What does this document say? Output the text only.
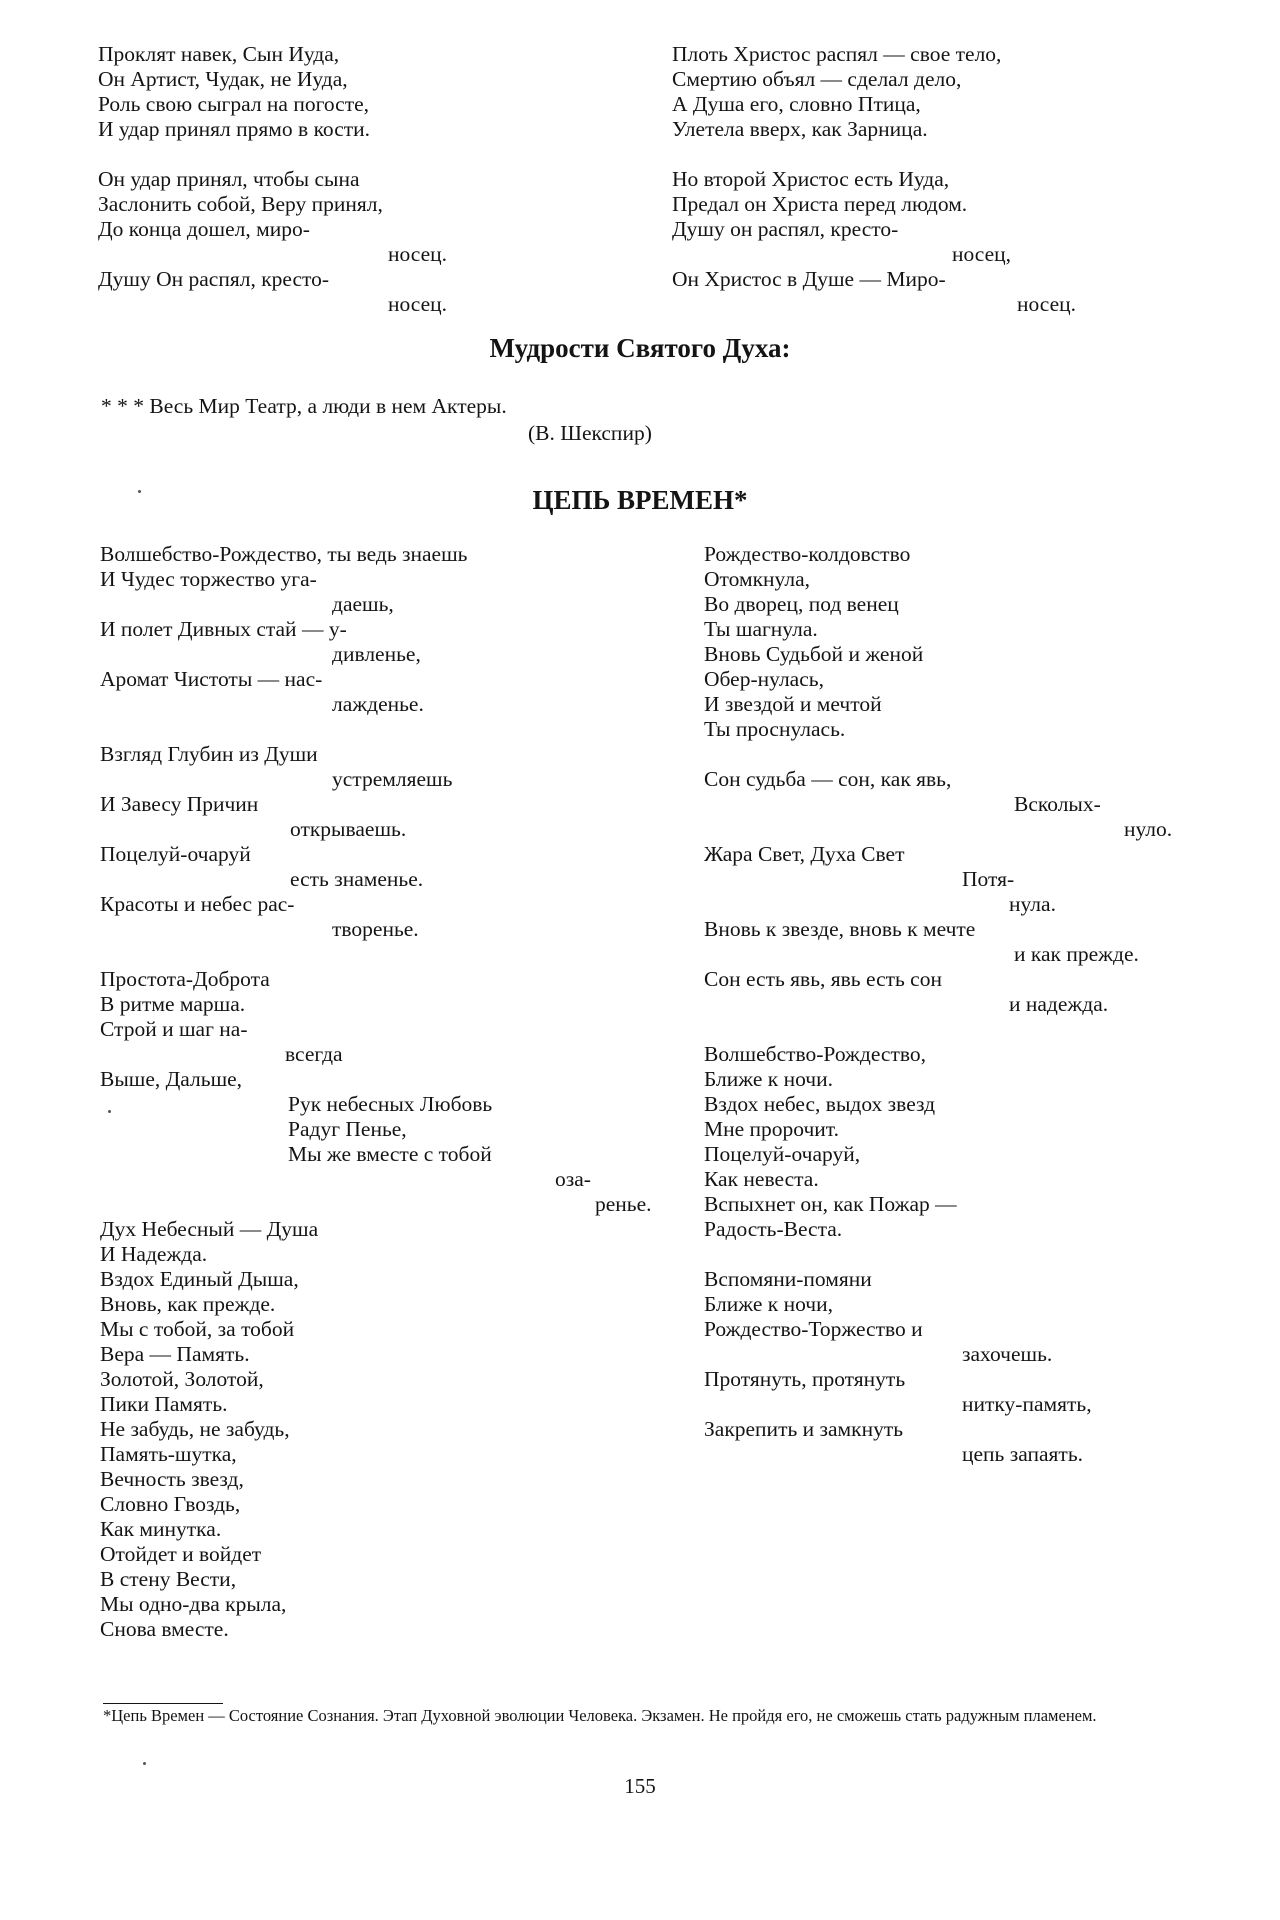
Проклят навек, Сын Иуда,
Он Артист, Чудак, не Иуда,
Роль свою сыграл на погосте,
И удар принял прямо в кости.
Он удар принял, чтобы сына
Заслонить собой, Веру принял,
До конца дошел, миро-
носец.
Душу Он распял, кресто-
носец.
Плоть Христос распял — свое тело,
Смертию объял — сделал дело,
А Душа его, словно Птица,
Улетела вверх, как Зарница.
Но второй Христос есть Иуда,
Предал он Христа перед людом.
Душу он распял, кресто-
носец,
Он Христос в Душе — Миро-
носец.
Мудрости Святого Духа:
* * * Весь Мир Театр, а люди в нем Актеры.
(В. Шекспир)
ЦЕПЬ ВРЕМЕН*
Волшебство-Рождество, ты ведь знаешь
И Чудес торжество уга-
даешь,
И полет Дивных стай — у-
дивленье,
Аромат Чистоты — нас-
лажденье.
Взгляд Глубин из Души
устремляешь
И Завесу Причин
открываешь.
Поцелуй-очаруй
есть знаменье.
Красоты и небес рас-
творенье.
Простота-Доброта
В ритме марша.
Строй и шаг на-
всегда
Выше, Дальше,
Рук небесных Любовь
Радуг Пенье,
Мы же вместе с тобой
оза-
ренье.
Дух Небесный — Душа
И Надежда.
Вздох Единый Дыша,
Вновь, как прежде.
Мы с тобой, за тобой
Вера — Память.
Золотой, Золотой,
Пики Память.
Не забудь, не забудь,
Память-шутка,
Вечность звезд,
Словно Гвоздь,
Как минутка.
Отойдет и войдет
В стену Вести,
Мы одно-два крыла,
Снова вместе.
Рождество-колдовство
Отомкнула,
Во дворец, под венец
Ты шагнула.
Вновь Судьбой и женой
Обер-нулась,
И звездой и мечтой
Ты проснулась.
Сон судьба — сон, как явь,
Всколых-
нуло.
Жара Свет, Духа Свет
Потя-
нула.
Вновь к звезде, вновь к мечте
и как прежде.
Сон есть явь, явь есть сон
и надежда.
Волшебство-Рождество,
Ближе к ночи.
Вздох небес, выдох звезд
Мне пророчит.
Поцелуй-очаруй,
Как невеста.
Вспыхнет он, как Пожар —
Радость-Веста.
Вспомяни-помяни
Ближе к ночи,
Рождество-Торжество и
захочешь.
Протянуть, протянуть
нитку-память,
Закрепить и замкнуть
цепь запаять.
*Цепь Времен — Состояние Сознания. Этап Духовной эволюции Человека. Экзамен. Не пройдя его, не сможешь стать радужным пламенем.
155
